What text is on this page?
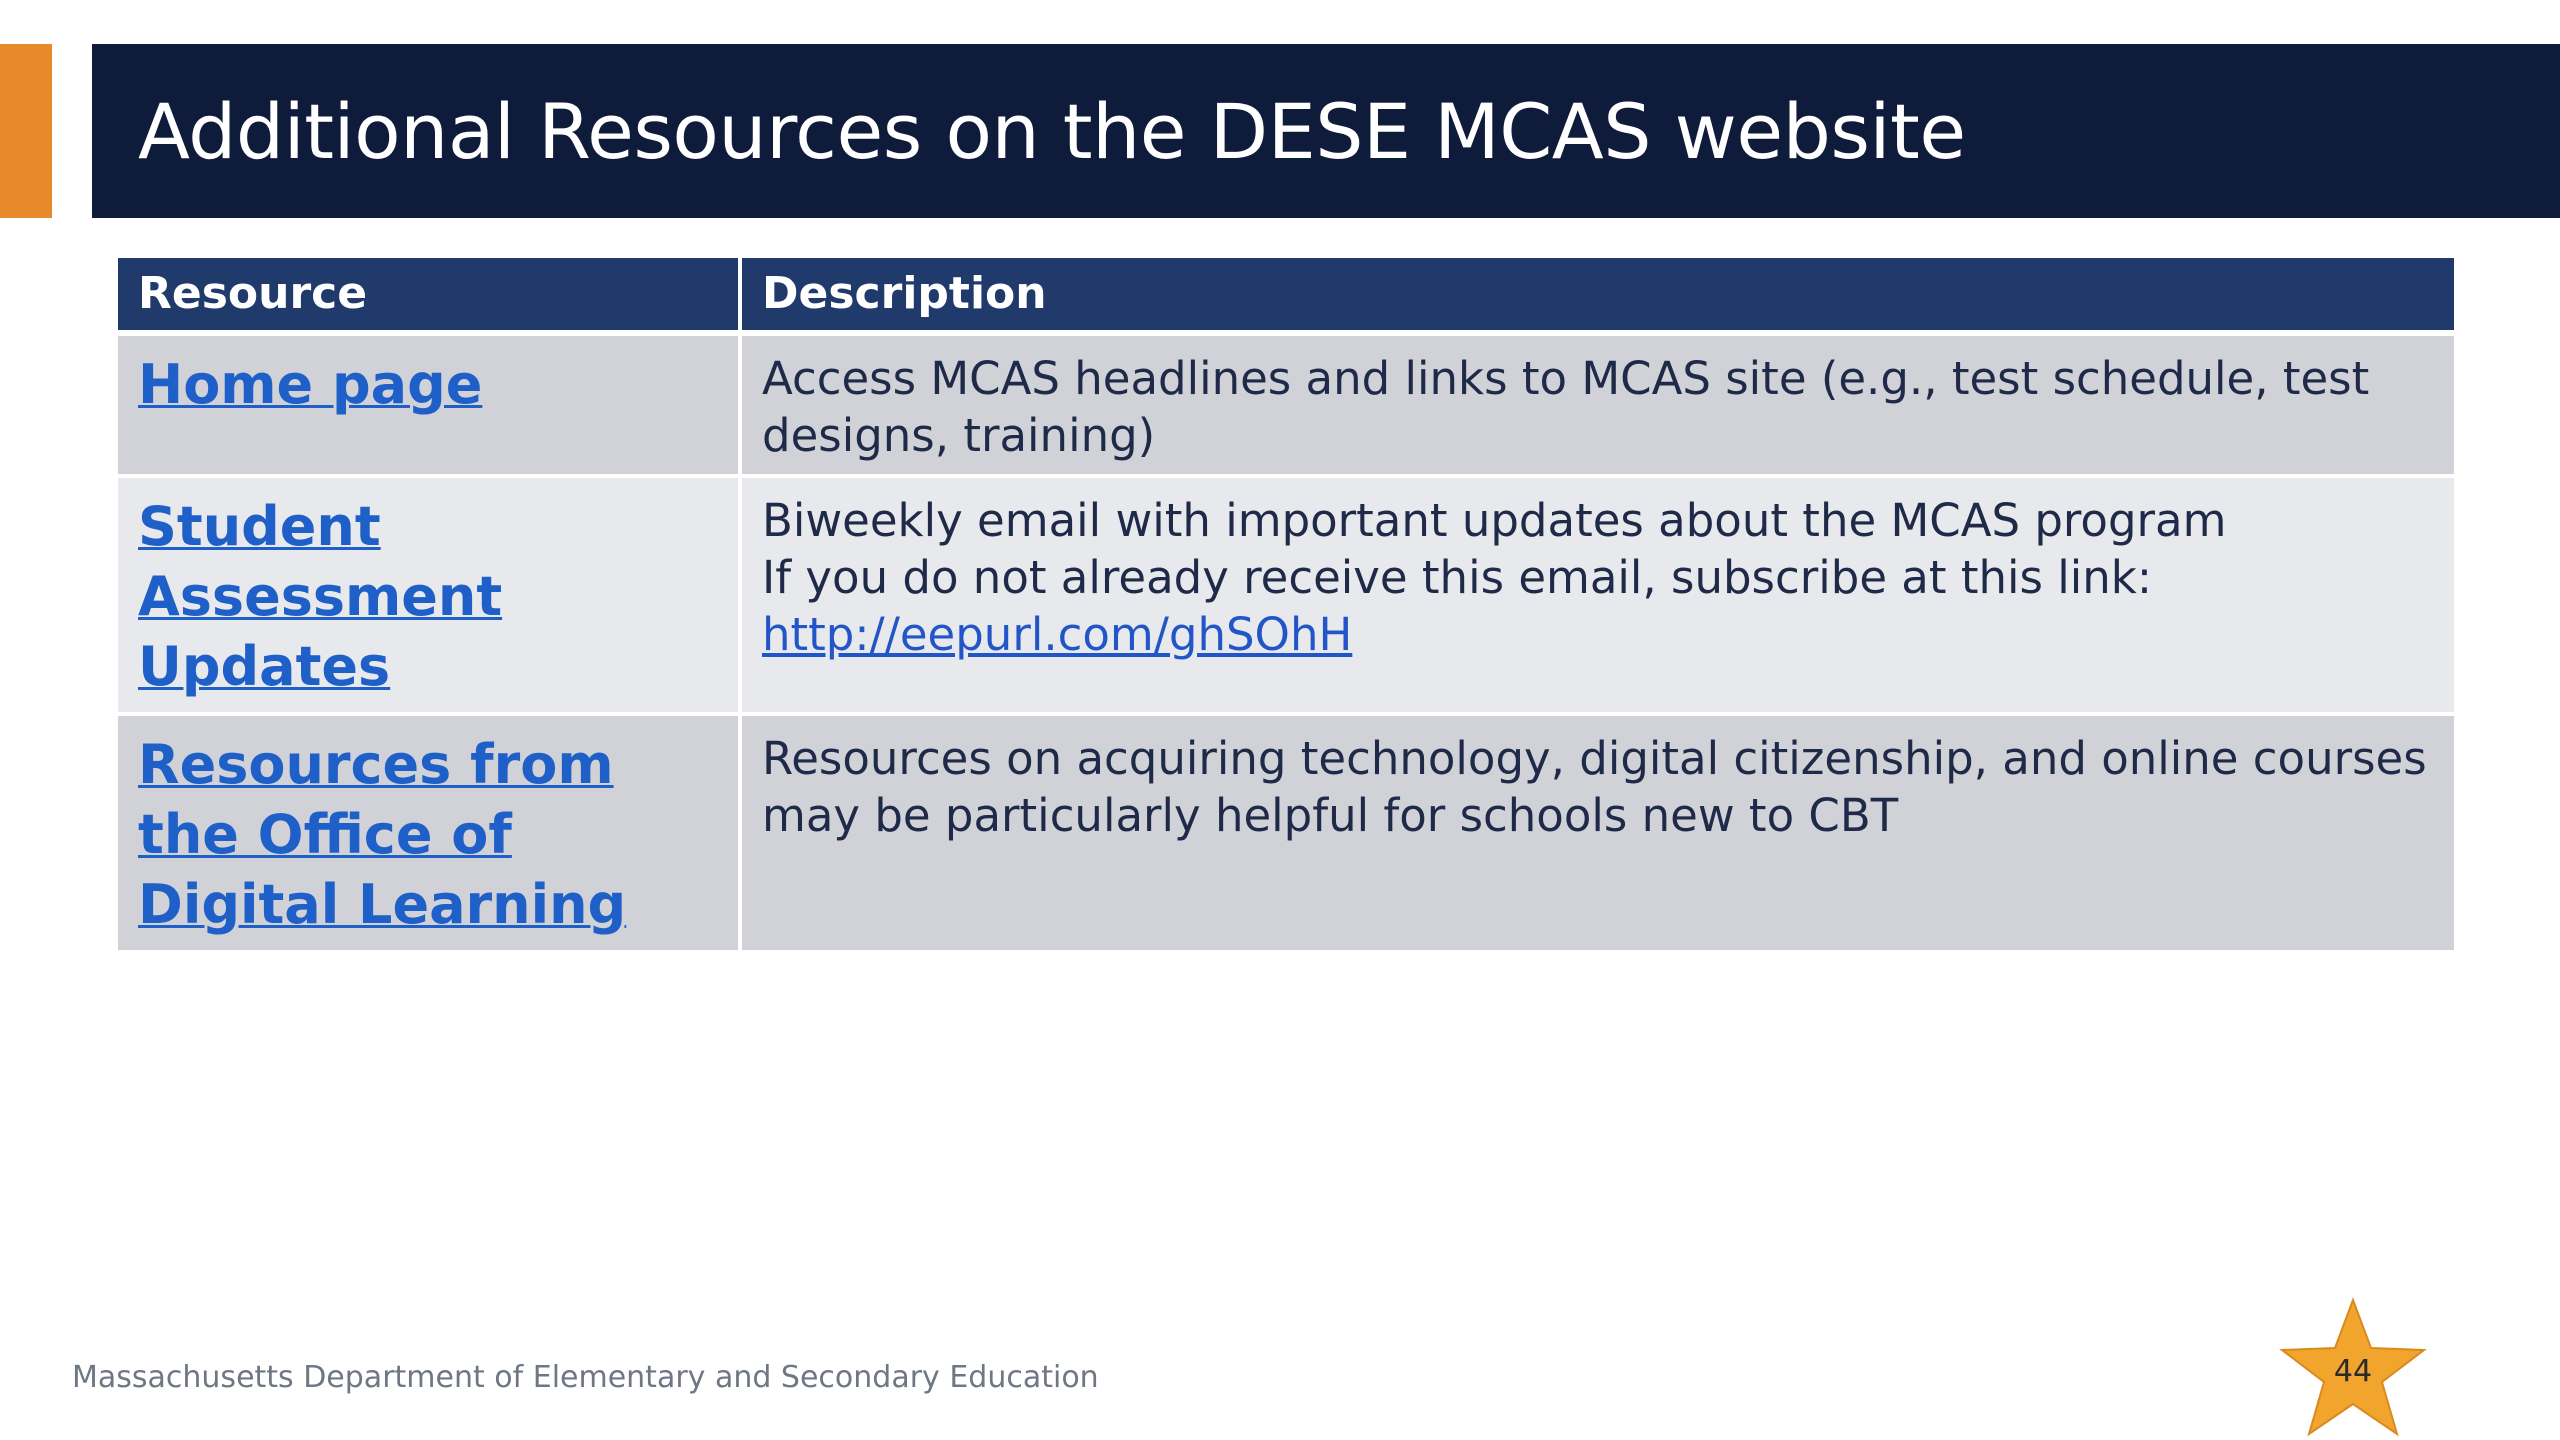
Additional Resources on the DESE MCAS website
Resource	Description
Home page	Access MCAS headlines and links to MCAS site (e.g., test schedule, test designs, training)

Student Assessment Updates	Biweekly email with important updates about the MCAS program
If you do not already receive this email, subscribe at this link:
http://eepurl.com/ghSOhH

Resources from the Office of Digital Learning	Resources on acquiring technology, digital citizenship, and online courses may be particularly helpful for schools new to CBT
Massachusetts Department of Elementary and Secondary Education	44
